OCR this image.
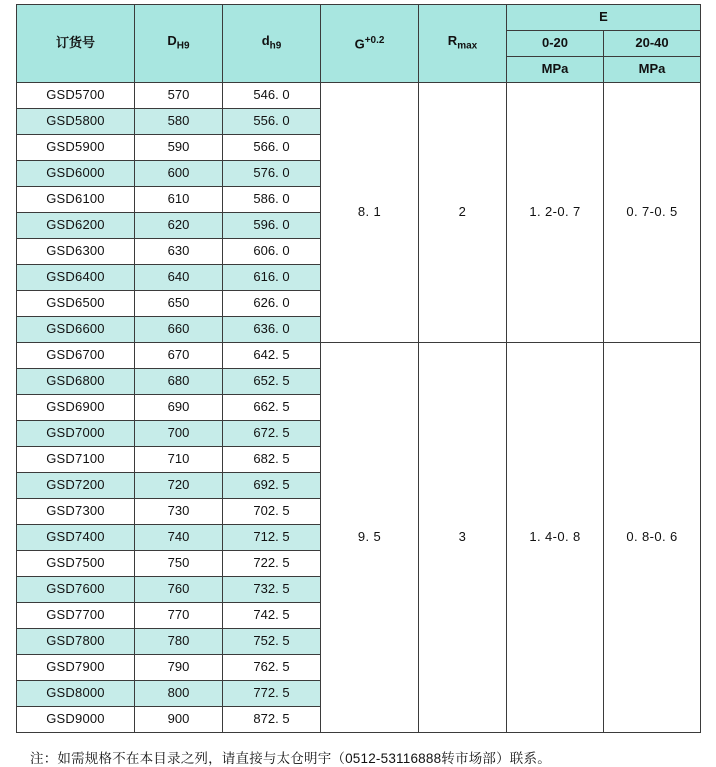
订货号	$D_{H9}$	$d_{h9}$	$G^{+0.2}$	$R_{max}$	E	
					0-20	20-40
					MPa	MPa
GSD5700	570	546. 0	8. 1	2	1. 2-0. 7	0. 7-0. 5
GSD5800	580	556. 0				
GSD5900	590	566. 0				
GSD6000	600	576. 0				
GSD6100	610	586. 0				
GSD6200	620	596. 0				
GSD6300	630	606. 0				
GSD6400	640	616. 0				
GSD6500	650	626. 0				
GSD6600	660	636. 0				
GSD6700	670	642. 5	9. 5	3	1. 4-0. 8	0. 8-0. 6
GSD6800	680	652. 5				
GSD6900	690	662. 5				
GSD7000	700	672. 5				
GSD7100	710	682. 5				
GSD7200	720	692. 5				
GSD7300	730	702. 5				
GSD7400	740	712. 5				
GSD7500	750	722. 5				
GSD7600	760	732. 5				
GSD7700	770	742. 5				
GSD7800	780	752. 5				
GSD7900	790	762. 5				
GSD8000	800	772. 5				
GSD9000	900	872. 5				
注：如需规格不在本目录之列，请直接与太仓明宇（0512-53116888转市场部）联系。
